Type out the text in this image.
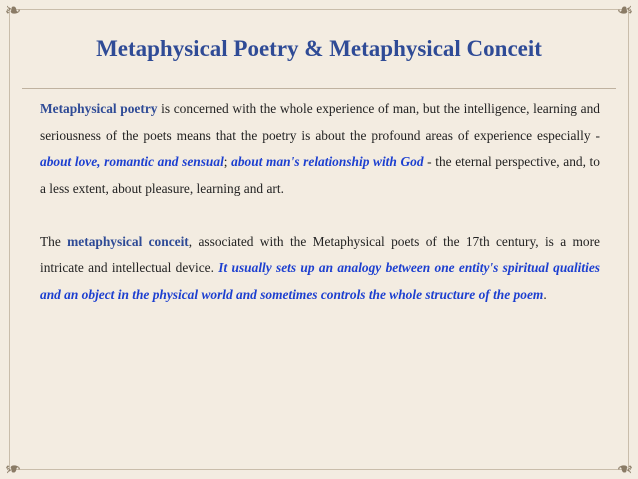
❧	❧
❧	❧
Metaphysical Poetry & Metaphysical Conceit

Metaphysical poetry is concerned with the whole experience of man, but the intelligence, learning and seriousness of the poets means that the poetry is about the profound areas of experience especially - about love, romantic and sensual; about man's relationship with God - the eternal perspective, and, to a less extent, about pleasure, learning and art.

The metaphysical conceit, associated with the Metaphysical poets of the 17th century, is a more intricate and intellectual device. It usually sets up an analogy between one entity's spiritual qualities and an object in the physical world and sometimes controls the whole structure of the poem.
